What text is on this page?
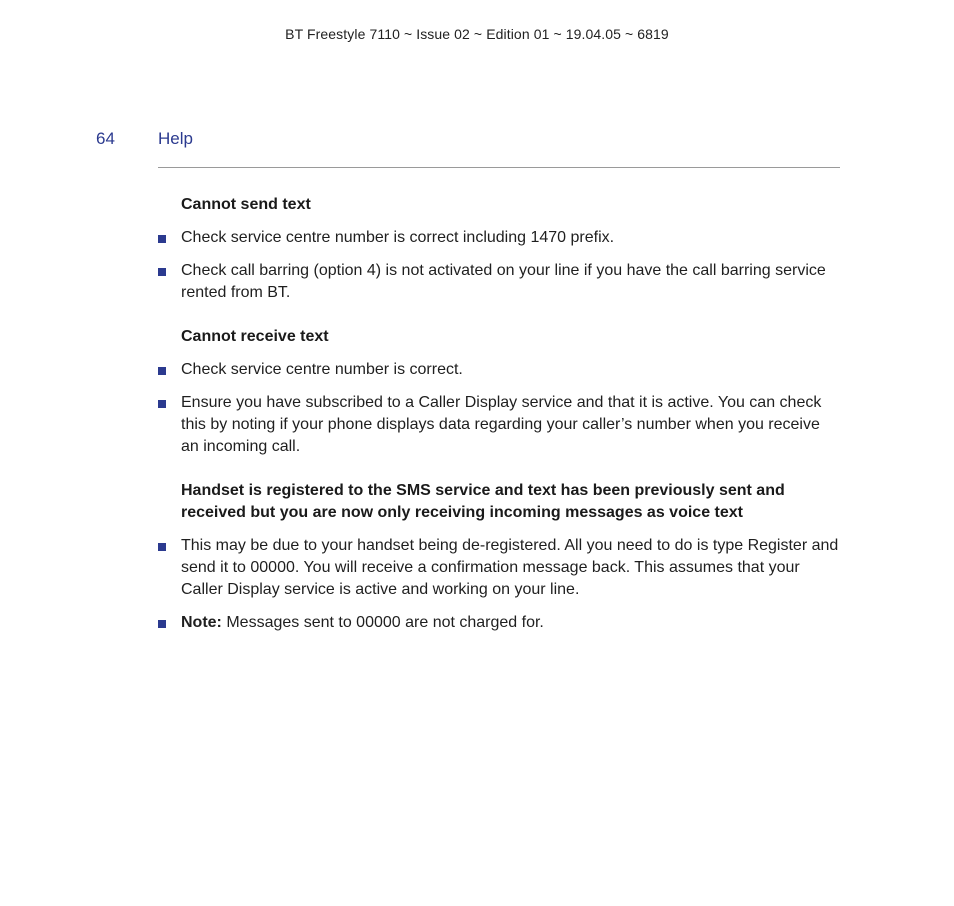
BT Freestyle 7110 ~ Issue 02 ~ Edition 01 ~ 19.04.05 ~ 6819
64	Help
Cannot send text
Check service centre number is correct including 1470 prefix.
Check call barring (option 4) is not activated on your line if you have the call barring service rented from BT.
Cannot receive text
Check service centre number is correct.
Ensure you have subscribed to a Caller Display service and that it is active. You can check this by noting if your phone displays data regarding your caller’s number when you receive an incoming call.
Handset is registered to the SMS service and text has been previously sent and received but you are now only receiving incoming messages as voice text
This may be due to your handset being de-registered. All you need to do is type Register and send it to 00000. You will receive a confirmation message back. This assumes that your Caller Display service is active and working on your line.
Note: Messages sent to 00000 are not charged for.
